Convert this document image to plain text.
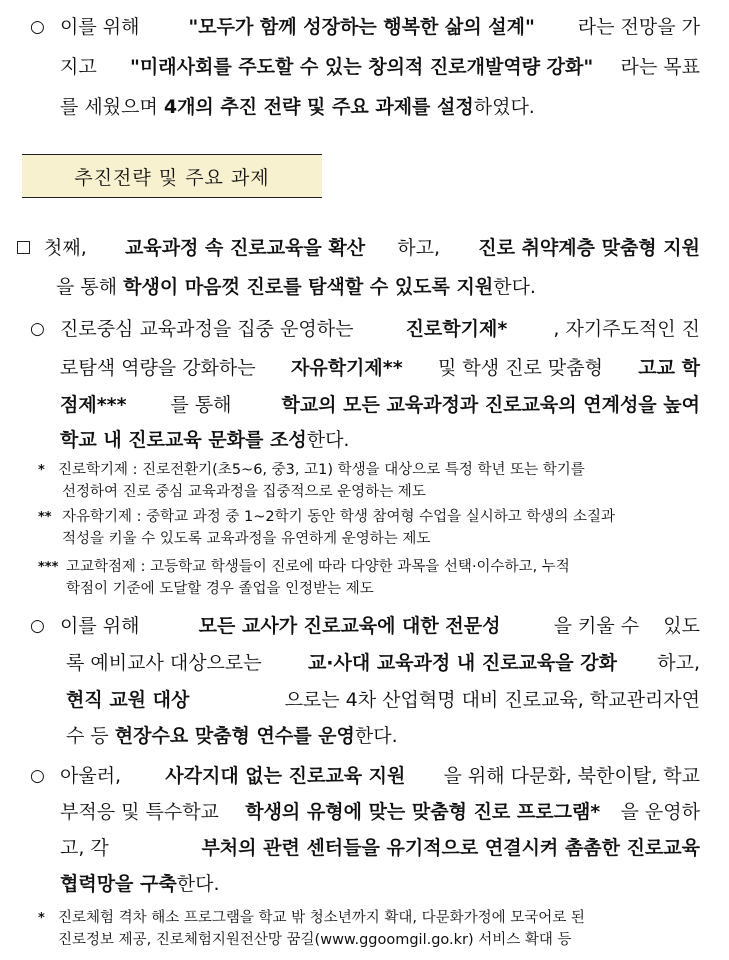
○ 이를 위해 "모두가 함께 성장하는 행복한 삶의 설계" 라는 전망을 가
지고 "미래사회를 주도할 수 있는 창의적 진로개발역량 강화" 라는 목표
를 세웠으며 4개의 추진 전략 및 주요 과제를 설정 하였다.
추진전략 및 주요 과제
첫째, 교육과정 속 진로교육을 확산 하고, 진로 취약계층 맞춤형 지원
을 통해 학생이 마음껏 진로를 탐색할 수 있도록 지원 한다.
○ 진로중심 교육과정을 집중 운영하는 진로학기제* , 자기주도적인 진
로탐색 역량을 강화하는 자유학기제** 및 학생 진로 맞춤형 고교 학
점제*** 를 통해 학교의 모든 교육과정과 진로교육의 연계성을 높여
학교 내 진로교육 문화를 조성 한다.
* 진로학기제 : 진로전환기(초5~6, 중3, 고1) 학생을 대상으로 특정 학년 또는 학기를
선정하여 진로 중심 교육과정을 집중적으로 운영하는 제도
** 자유학기제 : 중학교 과정 중 1~2학기 동안 학생 참여형 수업을 실시하고 학생의 소질과
적성을 키울 수 있도록 교육과정을 유연하게 운영하는 제도
*** 고교학점제 : 고등학교 학생들이 진로에 따라 다양한 과목을 선택·이수하고, 누적
학점이 기준에 도달할 경우 졸업을 인정받는 제도
○ 이를 위해	모든 교사가 진로교육에 대한 전문성	을 키울 수    있도
록 예비교사 대상으로는 교·사대 교육과정 내 진로교육을 강화 하고,
현직 교원 대상	으로는 4차 산업혁명 대비 진로교육, 학교관리자연
수 등 현장수요 맞춤형 연수를 운영 한다.
○ 아울러, 사각지대 없는 진로교육 지원 을 위해 다문화, 북한이탈, 학교
부적응 및 특수학교 학생의 유형에 맞는 맞춤형 진로 프로그램* 을 운영하
고, 각	부처의 관련 센터들을 유기적으로 연결시켜 촘촘한 진로교육
협력망을 구축 한다.
* 진로체험 격차 해소 프로그램을 학교 밖 청소년까지 확대, 다문화가정에 모국어로 된
진로정보 제공, 진로체험지원전산망 꿈길(www.ggoomgil.go.kr) 서비스 확대 등
